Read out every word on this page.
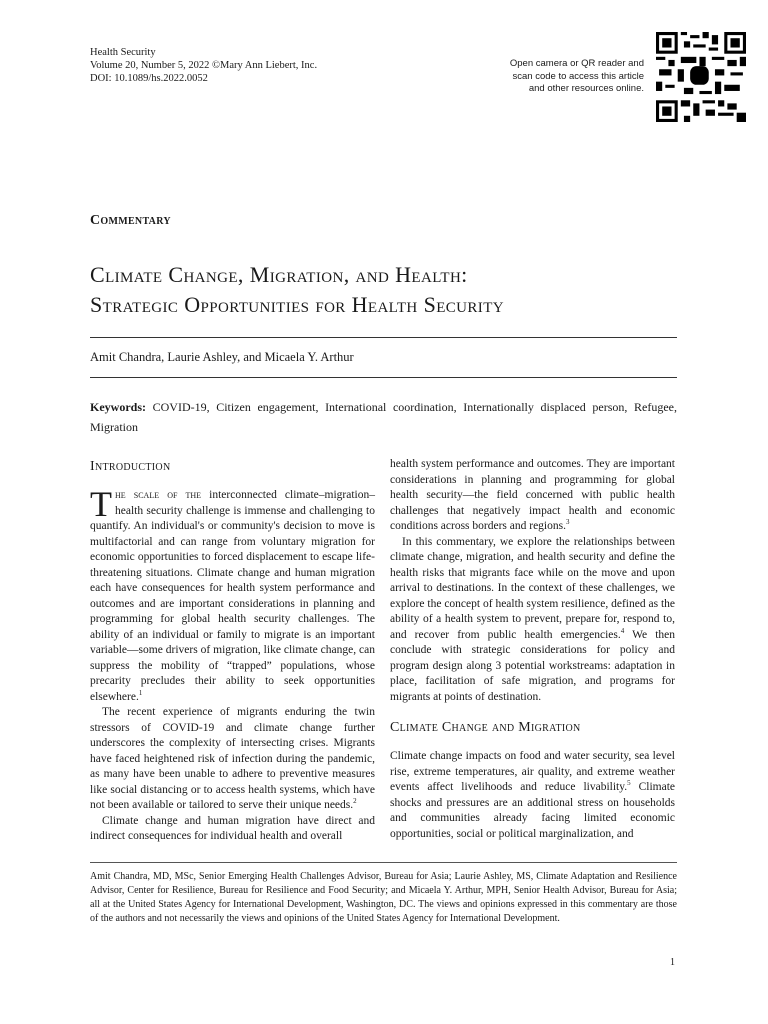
Health Security
Volume 20, Number 5, 2022 ©Mary Ann Liebert, Inc.
DOI: 10.1089/hs.2022.0052
Open camera or QR reader and
scan code to access this article
and other resources online.
Commentary
Climate Change, Migration, and Health:
Strategic Opportunities for Health Security
Amit Chandra, Laurie Ashley, and Micaela Y. Arthur
Keywords: COVID-19, Citizen engagement, International coordination, Internationally displaced person, Refugee, Migration
Introduction

The scale of the interconnected climate–migration–health security challenge is immense and challenging to quantify. An individual's or community's decision to move is multifactorial and can range from voluntary migration for economic opportunities to forced displacement to escape life-threatening situations. Climate change and human migration each have consequences for health system performance and outcomes and are important considerations in planning and programming for global health security challenges. The ability of an individual or family to migrate is an important variable—some drivers of migration, like climate change, can suppress the mobility of “trapped” populations, whose precarity precludes their ability to seek opportunities elsewhere.$^1$

The recent experience of migrants enduring the twin stressors of COVID-19 and climate change further underscores the complexity of intersecting crises. Migrants have faced heightened risk of infection during the pandemic, as many have been unable to adhere to preventive measures like social distancing or to access health systems, which have not been available or tailored to serve their unique needs.$^2$

Climate change and human migration have direct and indirect consequences for individual health and overall

health system performance and outcomes. They are important considerations in planning and programming for global health security—the field concerned with public health challenges that negatively impact health and economic conditions across borders and regions.$^3$

In this commentary, we explore the relationships between climate change, migration, and health security and define the health risks that migrants face while on the move and upon arrival to destinations. In the context of these challenges, we explore the concept of health system resilience, defined as the ability of a health system to prevent, prepare for, respond to, and recover from public health emergencies.$^4$ We then conclude with strategic considerations for policy and program design along 3 potential workstreams: adaptation in place, facilitation of safe migration, and programs for migrants at points of destination.

Climate Change and Migration

Climate change impacts on food and water security, sea level rise, extreme temperatures, air quality, and extreme weather events affect livelihoods and reduce livability.$^5$ Climate shocks and pressures are an additional stress on households and communities already facing limited economic opportunities, social or political marginalization, and

Amit Chandra, MD, MSc, Senior Emerging Health Challenges Advisor, Bureau for Asia; Laurie Ashley, MS, Climate Adaptation and Resilience Advisor, Center for Resilience, Bureau for Resilience and Food Security; and Micaela Y. Arthur, MPH, Senior Health Advisor, Bureau for Asia; all at the United States Agency for International Development, Washington, DC. The views and opinions expressed in this commentary are those of the authors and not necessarily the views and opinions of the United States Agency for International Development.
1
